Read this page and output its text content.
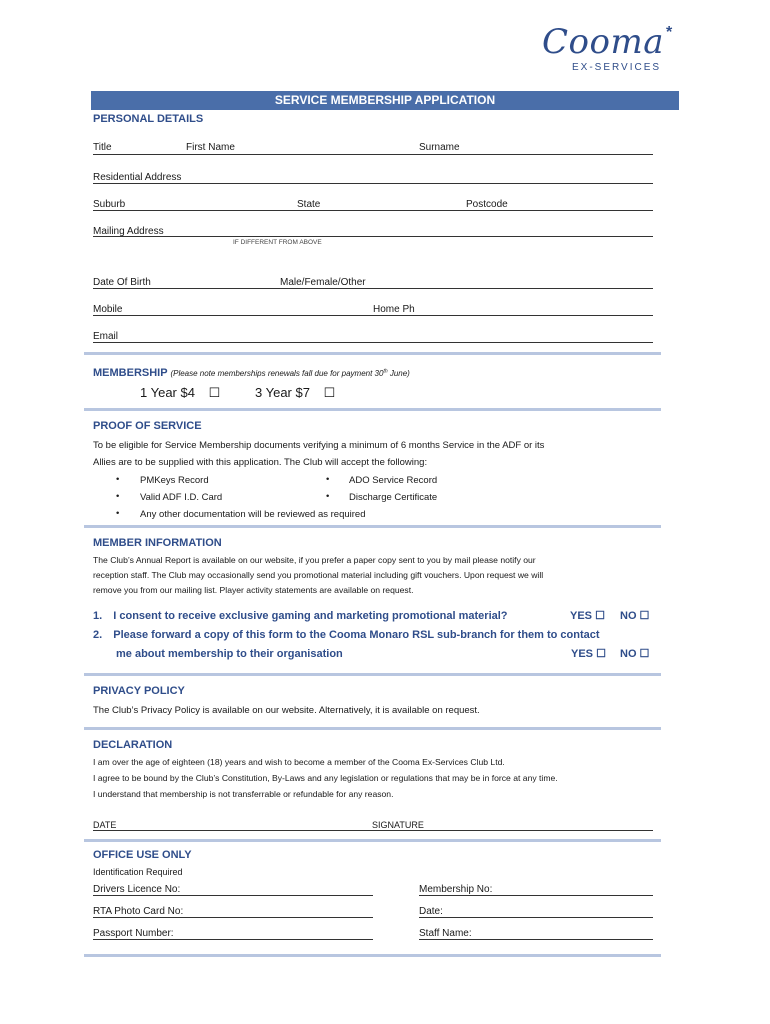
Cooma *
EX-SERVICES
SERVICE MEMBERSHIP APPLICATION
PERSONAL DETAILS
Title	First Name	Surname
Residential Address
Suburb	State	Postcode
Mailing Address
IF DIFFERENT FROM ABOVE
Date Of Birth	Male/Female/Other
Mobile	Home Ph
Email
MEMBERSHIP (Please note memberships renewals fall due for payment 30th June)
1 Year $4 ☐	3 Year $7 ☐
PROOF OF SERVICE
To be eligible for Service Membership documents verifying a minimum of 6 months Service in the ADF or its
Allies are to be supplied with this application. The Club will accept the following:
• PMKeys Record	• ADO Service Record
• Valid ADF I.D. Card	• Discharge Certificate
• Any other documentation will be reviewed as required
MEMBER INFORMATION
The Club’s Annual Report is available on our website, if you prefer a paper copy sent to you by mail please notify our
reception staff. The Club may occasionally send you promotional material including gift vouchers. Upon request we will
remove you from our mailing list. Player activity statements are available on request.
1. I consent to receive exclusive gaming and marketing promotional material?	YES ☐ NO ☐
2. Please forward a copy of this form to the Cooma Monaro RSL sub-branch for them to contact
me about membership to their organisation	YES ☐ NO ☐
PRIVACY POLICY
The Club’s Privacy Policy is available on our website. Alternatively, it is available on request.
DECLARATION
I am over the age of eighteen (18) years and wish to become a member of the Cooma Ex-Services Club Ltd.
I agree to be bound by the Club’s Constitution, By-Laws and any legislation or regulations that may be in force at any time.
I understand that membership is not transferrable or refundable for any reason.
DATE	SIGNATURE
OFFICE USE ONLY
Identification Required
Drivers Licence No:	Membership No:
RTA Photo Card No:	Date:
Passport Number:	Staff Name:
